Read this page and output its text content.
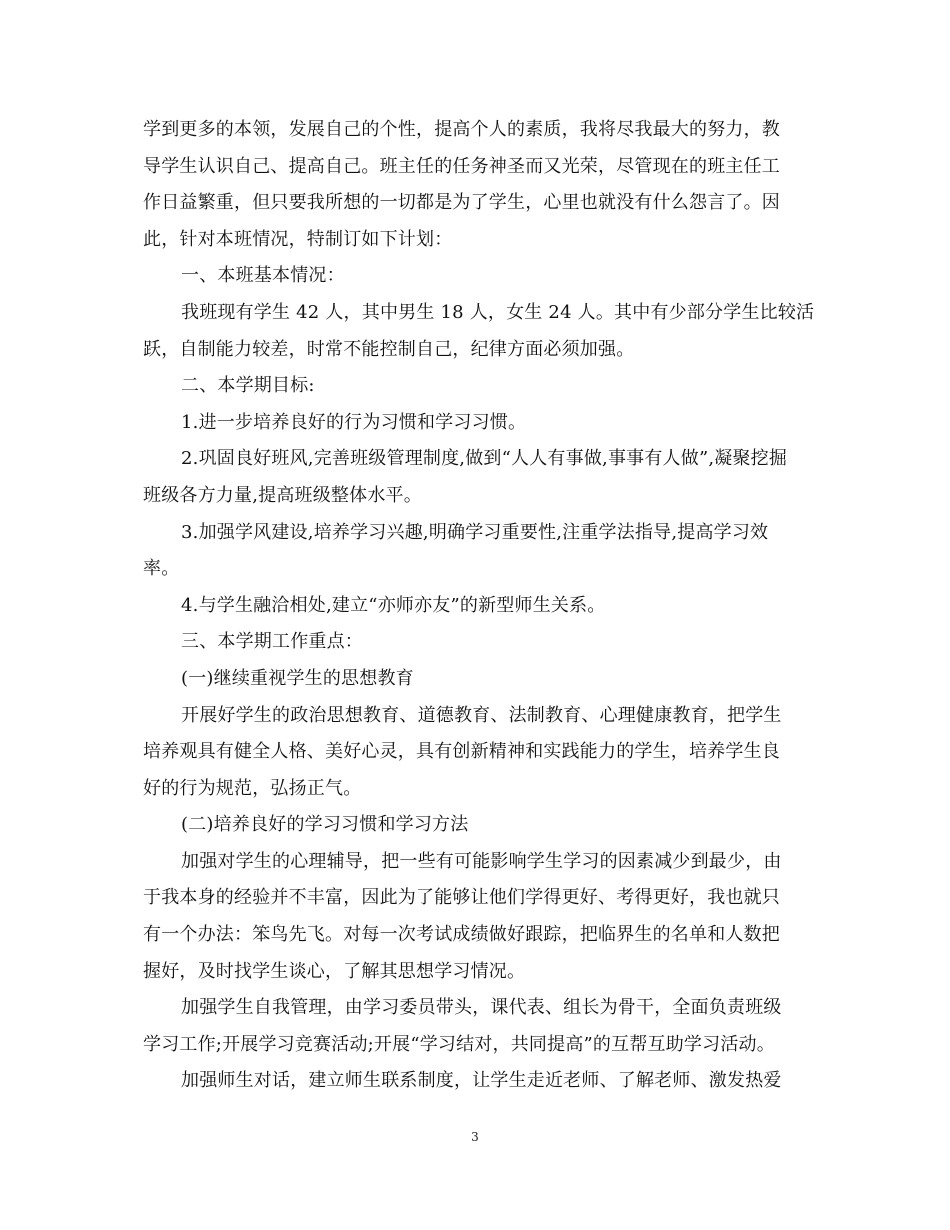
学到更多的本领，发展自己的个性，提高个人的素质，我将尽我最大的努力，教
导学生认识自己、提高自己。班主任的任务神圣而又光荣，尽管现在的班主任工
作日益繁重，但只要我所想的一切都是为了学生，心里也就没有什么怨言了。因
此，针对本班情况，特制订如下计划：
一、本班基本情况：
我班现有学生 42 人，其中男生 18 人，女生 24 人。其中有少部分学生比较活
跃，自制能力较差，时常不能控制自己，纪律方面必须加强。
二、本学期目标:
1.进一步培养良好的行为习惯和学习习惯。
2.巩固良好班风,完善班级管理制度,做到“人人有事做,事事有人做”,凝聚挖掘
班级各方力量,提高班级整体水平。
3.加强学风建设,培养学习兴趣,明确学习重要性,注重学法指导,提高学习效
率。
4.与学生融洽相处,建立“亦师亦友”的新型师生关系。
三、本学期工作重点：
(一)继续重视学生的思想教育
开展好学生的政治思想教育、道德教育、法制教育、心理健康教育，把学生
培养观具有健全人格、美好心灵，具有创新精神和实践能力的学生，培养学生良
好的行为规范，弘扬正气。
(二)培养良好的学习习惯和学习方法
加强对学生的心理辅导，把一些有可能影响学生学习的因素减少到最少，由
于我本身的经验并不丰富，因此为了能够让他们学得更好、考得更好，我也就只
有一个办法：笨鸟先飞。对每一次考试成绩做好跟踪，把临界生的名单和人数把
握好，及时找学生谈心，了解其思想学习情况。
加强学生自我管理，由学习委员带头，课代表、组长为骨干，全面负责班级
学习工作;开展学习竞赛活动;开展“学习结对，共同提高”的互帮互助学习活动。
加强师生对话，建立师生联系制度，让学生走近老师、了解老师、激发热爱
3
